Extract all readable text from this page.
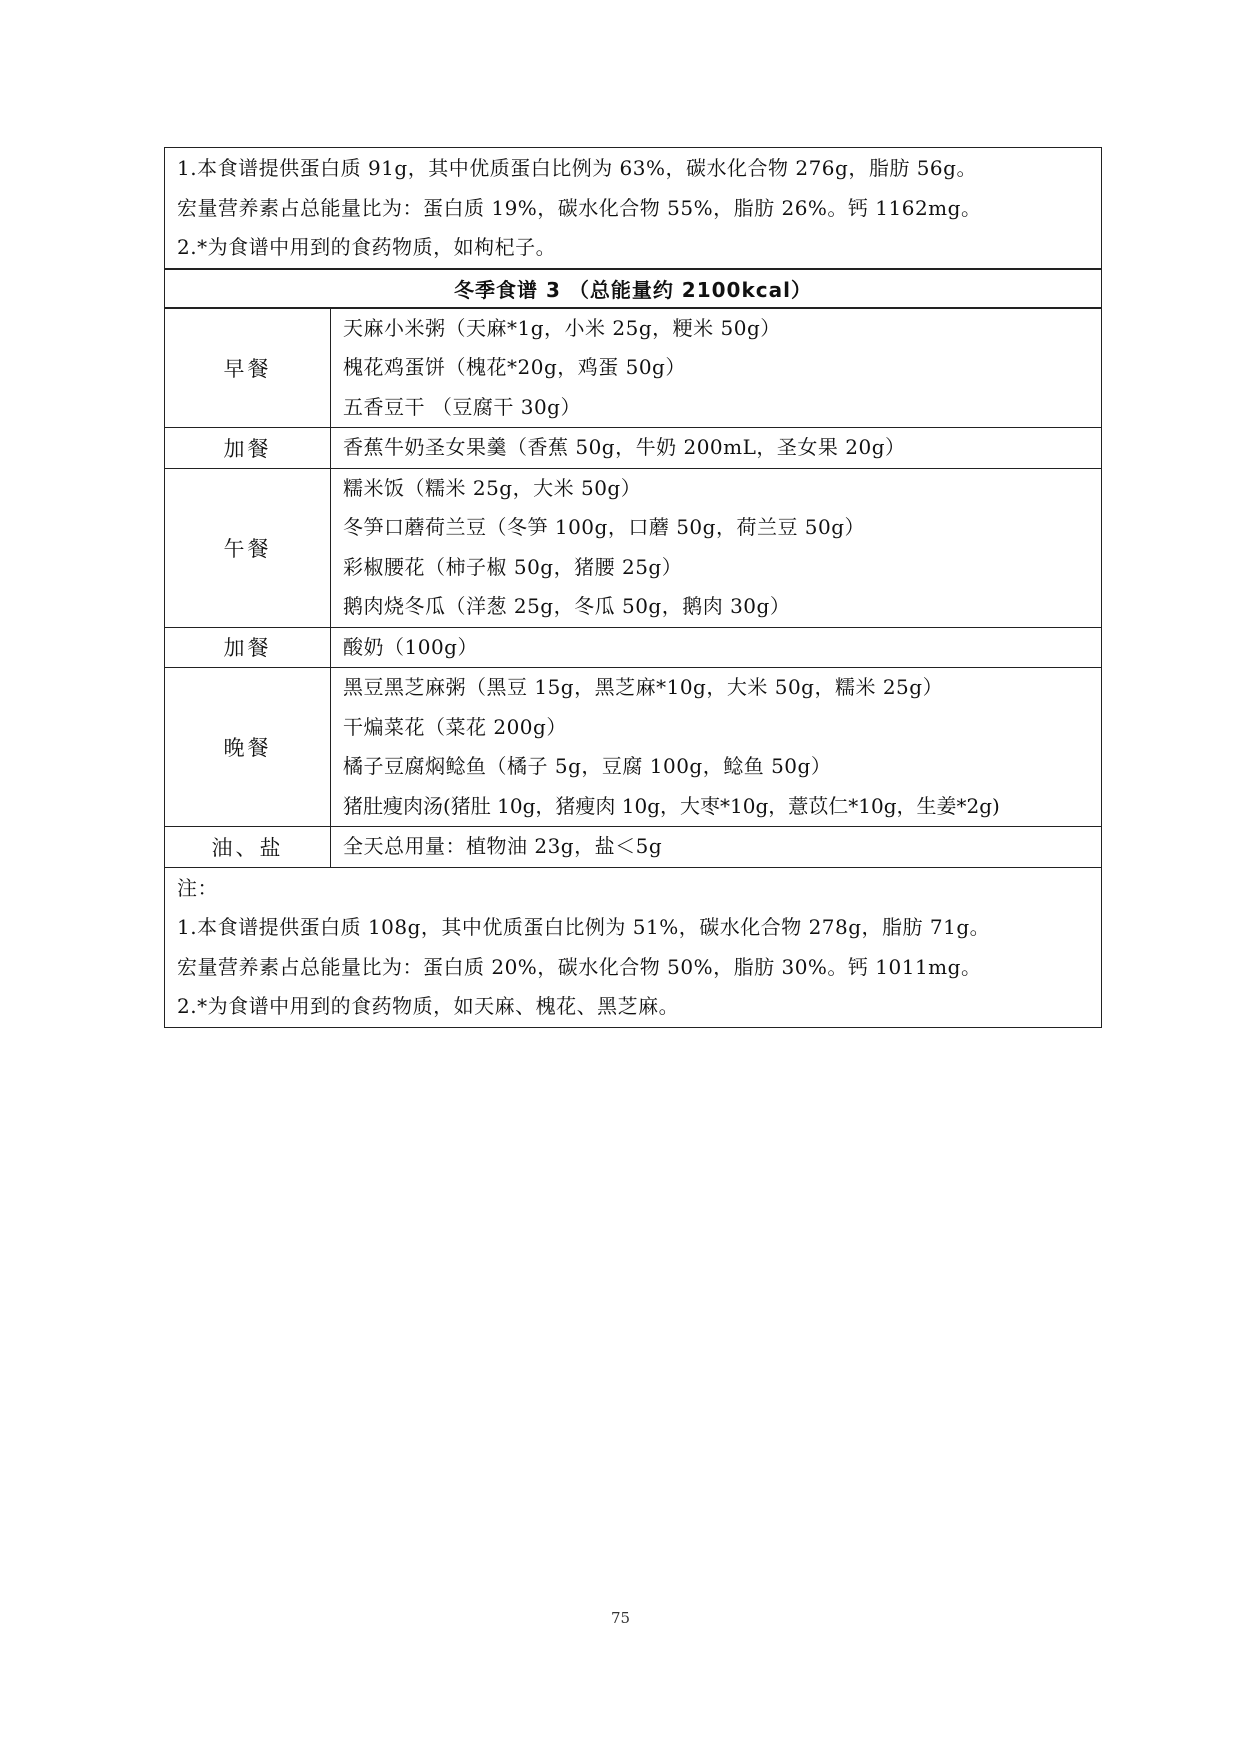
1.本食谱提供蛋白质 91g，其中优质蛋白比例为 63%，碳水化合物 276g，脂肪 56g。
宏量营养素占总能量比为：蛋白质 19%，碳水化合物 55%，脂肪 26%。钙 1162mg。
2.*为食谱中用到的食药物质，如枸杞子。	

冬季食谱 3 （总能量约 2100kcal）	
早餐	天麻小米粥（天麻*1g，小米 25g，粳米 50g）
槐花鸡蛋饼（槐花*20g，鸡蛋 50g）
五香豆干 （豆腐干 30g）

加餐	香蕉牛奶圣女果羹（香蕉 50g，牛奶 200mL，圣女果 20g）

午餐	糯米饭（糯米 25g，大米 50g）
冬笋口蘑荷兰豆（冬笋 100g，口蘑 50g，荷兰豆 50g）
彩椒腰花（柿子椒 50g，猪腰 25g）
鹅肉烧冬瓜（洋葱 25g，冬瓜 50g，鹅肉 30g）

加餐	酸奶（100g）

晚餐	黑豆黑芝麻粥（黑豆 15g，黑芝麻*10g，大米 50g，糯米 25g）
干煸菜花（菜花 200g）
橘子豆腐焖鲶鱼（橘子 5g，豆腐 100g，鲶鱼 50g）
猪肚瘦肉汤(猪肚 10g，猪瘦肉 10g，大枣*10g，薏苡仁*10g，生姜*2g)

油、盐	全天总用量：植物油 23g，盐＜5g

注：
1.本食谱提供蛋白质 108g，其中优质蛋白比例为 51%，碳水化合物 278g，脂肪 71g。
宏量营养素占总能量比为：蛋白质 20%，碳水化合物 50%，脂肪 30%。钙 1011mg。
2.*为食谱中用到的食药物质，如天麻、槐花、黑芝麻。	
75
